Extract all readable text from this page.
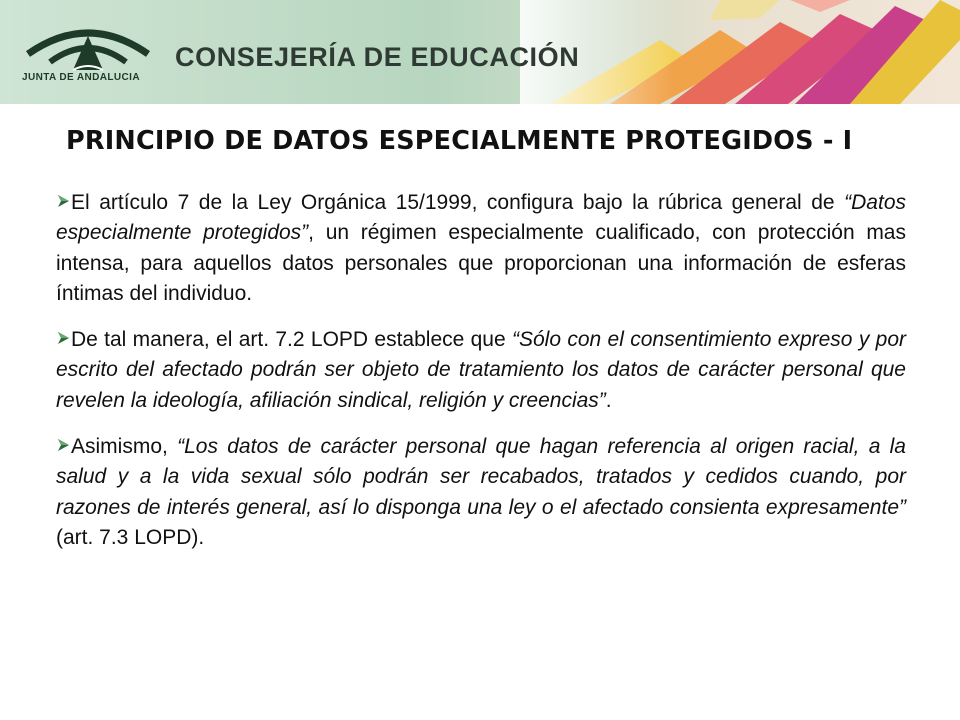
JUNTA DE ANDALUCIA
CONSEJERÍA DE EDUCACIÓN
PRINCIPIO DE DATOS ESPECIALMENTE PROTEGIDOS - I

El artículo 7 de la Ley Orgánica 15/1999, configura bajo la rúbrica general de “Datos especialmente protegidos”, un régimen especialmente cualificado, con protección mas intensa, para aquellos datos personales que proporcionan una información de esferas íntimas del individuo.

De tal manera, el art. 7.2 LOPD establece que “Sólo con el consentimiento expreso y por escrito del afectado podrán ser objeto de tratamiento los datos de carácter personal que revelen la ideología, afiliación sindical, religión y creencias”.

Asimismo, “Los datos de carácter personal que hagan referencia al origen racial, a la salud y a la vida sexual sólo podrán ser recabados, tratados y cedidos cuando, por razones de interés general, así lo disponga una ley o el afectado consienta expresamente” (art. 7.3 LOPD).
